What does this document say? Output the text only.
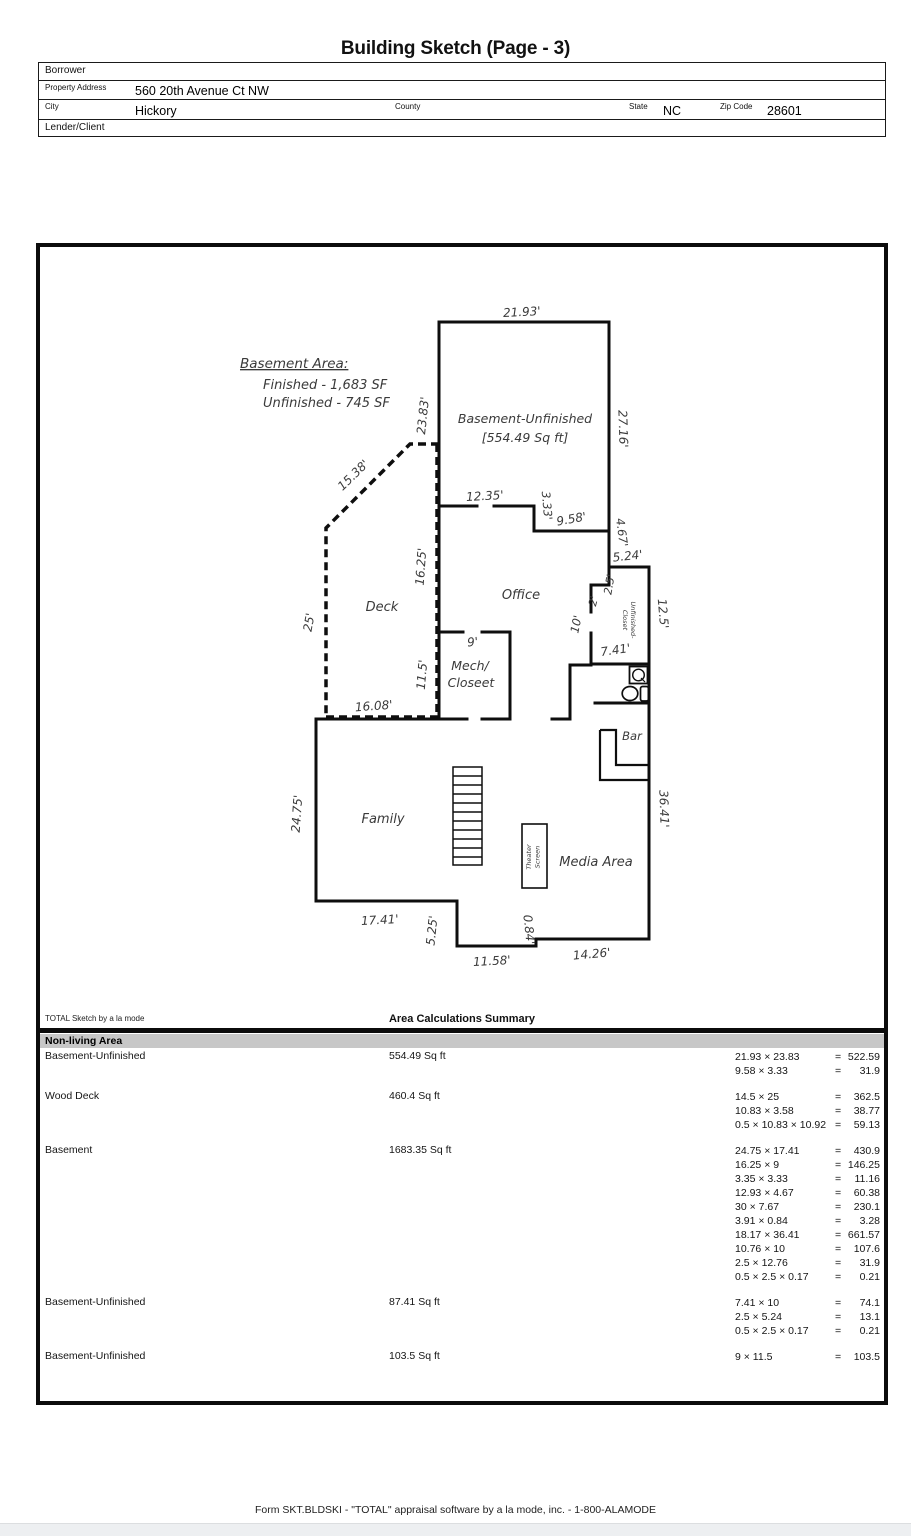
Building Sketch (Page - 3)
Borrower
Property Address 560 20th Avenue Ct NW
City	Hickory	County	State NC	Zip Code 28601
Lender/Client
Basement Area:
Finished - 1,683 SF
Unfinished - 745 SF
Basement-Unfinished
[554.49 Sq ft]
Office
Deck
Mech/
Closeet
Family
Media Area
Bar
Unfinished-Closet
TheaterScreen
21.93'
23.83'
15.38'
27.16'
12.35'	3.33' 9.58' 4.67'
5.24'
2.5'
2'
10'	12.5'
7.41'
16.25'
25'
11.5'
9'
16.08'
24.75'
17.41' 5.25'
11.58'
0.84'
14.26'
36.41'
TOTAL Sketch by a la mode	Area Calculations Summary
Non-living Area
Basement-Unfinished	554.49 Sq ft	21.93 × 23.83	= 522.59
9.58 × 3.33	= 31.9
Wood Deck	460.4 Sq ft	14.5 × 25	= 362.5
10.83 × 3.58	= 38.77
0.5 × 10.83 × 10.92 = 59.13
Basement	1683.35 Sq ft	24.75 × 17.41	= 430.9
16.25 × 9	= 146.25
3.35 × 3.33	= 11.16
12.93 × 4.67	= 60.38
30 × 7.67	= 230.1
3.91 × 0.84	= 3.28
18.17 × 36.41	= 661.57
10.76 × 10	= 107.6
2.5 × 12.76	= 31.9
0.5 × 2.5 × 0.17	= 0.21
Basement-Unfinished	87.41 Sq ft	7.41 × 10	= 74.1
2.5 × 5.24	= 13.1
0.5 × 2.5 × 0.17	= 0.21
Basement-Unfinished	103.5 Sq ft	9 × 11.5	= 103.5
Form SKT.BLDSKI - "TOTAL" appraisal software by a la mode, inc. - 1-800-ALAMODE
